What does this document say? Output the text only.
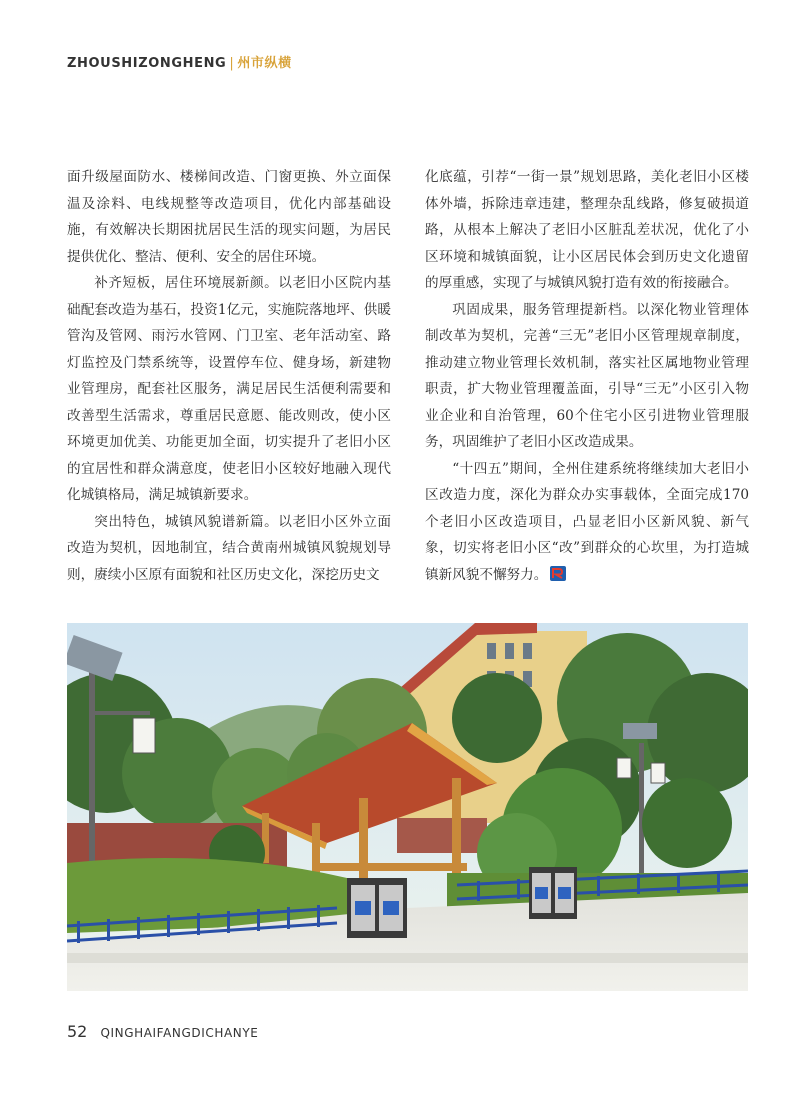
ZHOUSHIZONGHENG | 州市纵横

面升级屋面防水、楼梯间改造、门窗更换、外立面保温及涂料、电线规整等改造项目，优化内部基础设施，有效解决长期困扰居民生活的现实问题，为居民提供优化、整洁、便利、安全的居住环境。

补齐短板，居住环境展新颜。以老旧小区院内基础配套改造为基石，投资1亿元，实施院落地坪、供暖管沟及管网、雨污水管网、门卫室、老年活动室、路灯监控及门禁系统等，设置停车位、健身场，新建物业管理房，配套社区服务，满足居民生活便利需要和改善型生活需求，尊重居民意愿、能改则改，使小区环境更加优美、功能更加全面，切实提升了老旧小区的宜居性和群众满意度，使老旧小区较好地融入现代化城镇格局，满足城镇新要求。

突出特色，城镇风貌谱新篇。以老旧小区外立面改造为契机，因地制宜，结合黄南州城镇风貌规划导则，赓续小区原有面貌和社区历史文化，深挖历史文

化底蕴，引荐“一街一景”规划思路，美化老旧小区楼体外墙，拆除违章违建，整理杂乱线路，修复破损道路，从根本上解决了老旧小区脏乱差状况，优化了小区环境和城镇面貌，让小区居民体会到历史文化遗留的厚重感，实现了与城镇风貌打造有效的衔接融合。

巩固成果，服务管理提新档。以深化物业管理体制改革为契机，完善“三无”老旧小区管理规章制度，推动建立物业管理长效机制，落实社区属地物业管理职责，扩大物业管理覆盖面，引导“三无”小区引入物业企业和自治管理，60个住宅小区引进物业管理服务，巩固维护了老旧小区改造成果。

“十四五”期间，全州住建系统将继续加大老旧小区改造力度，深化为群众办实事载体，全面完成170个老旧小区改造项目，凸显老旧小区新风貌、新气象，切实将老旧小区“改”到群众的心坎里，为打造城镇新风貌不懈努力。

52 QINGHAIFANGDICHANYE
